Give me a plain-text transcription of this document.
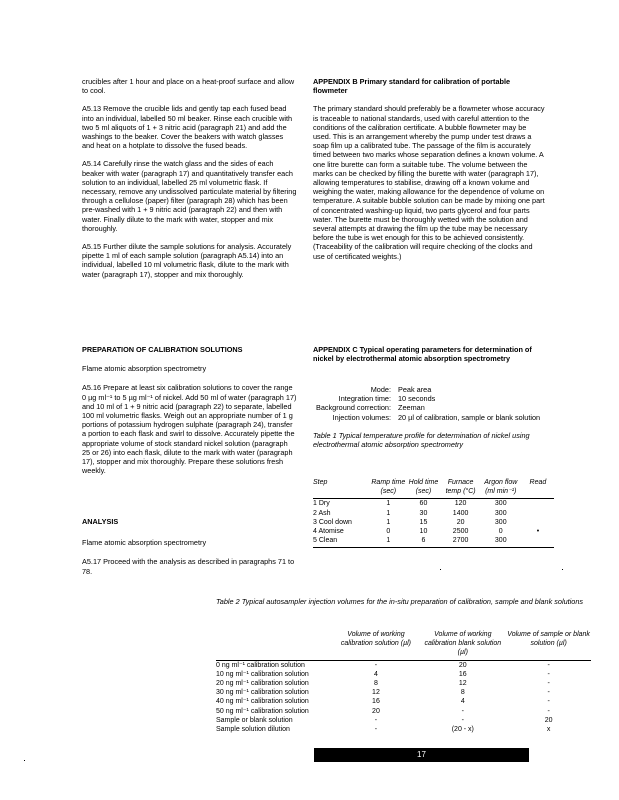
crucibles after 1 hour and place on a heat-proof surface and allow to cool.

A5.13 Remove the crucible lids and gently tap each fused bead into an individual, labelled 50 ml beaker. Rinse each crucible with two 5 ml aliquots of 1 + 3 nitric acid (paragraph 21) and add the washings to the beaker. Cover the beakers with watch glasses and heat on a hotplate to dissolve the fused beads.

A5.14 Carefully rinse the watch glass and the sides of each beaker with water (paragraph 17) and quantitatively transfer each solution to an individual, labelled 25 ml volumetric flask. If necessary, remove any undissolved particulate material by filtering through a cellulose (paper) filter (paragraph 28) which has been pre-washed with 1 + 9 nitric acid (paragraph 22) and then with water. Finally dilute to the mark with water, stopper and mix thoroughly.

A5.15 Further dilute the sample solutions for analysis. Accurately pipette 1 ml of each sample solution (paragraph A5.14) into an individual, labelled 10 ml volumetric flask, dilute to the mark with water (paragraph 17), stopper and mix thoroughly.

PREPARATION OF CALIBRATION SOLUTIONS
Flame atomic absorption spectrometry

A5.16 Prepare at least six calibration solutions to cover the range 0 µg ml⁻¹ to 5 µg ml⁻¹ of nickel. Add 50 ml of water (paragraph 17) and 10 ml of 1 + 9 nitric acid (paragraph 22) to separate, labelled 100 ml volumetric flasks. Weigh out an appropriate number of 1 g portions of potassium hydrogen sulphate (paragraph 24), transfer a portion to each flask and swirl to dissolve. Accurately pipette the appropriate volume of stock standard nickel solution (paragraph 25 or 26) into each flask, dilute to the mark with water (paragraph 17), stopper and mix thoroughly. Prepare these solutions fresh weekly.

ANALYSIS
Flame atomic absorption spectrometry

A5.17 Proceed with the analysis as described in paragraphs 71 to 78.

APPENDIX B Primary standard for calibration of portable flowmeter

The primary standard should preferably be a flowmeter whose accuracy is traceable to national standards, used with careful attention to the conditions of the calibration certificate. A bubble flowmeter may be used. This is an arrangement whereby the pump under test draws a soap film up a calibrated tube. The passage of the film is accurately timed between two marks whose separation defines a known volume. A one litre burette can form a suitable tube. The volume between the marks can be checked by filling the burette with water (paragraph 17), allowing temperatures to stabilise, drawing off a known volume and weighing the water, making allowance for the dependence of volume on temperature. A suitable bubble solution can be made by mixing one part of concentrated washing-up liquid, two parts glycerol and four parts water. The burette must be thoroughly wetted with the solution and several attempts at drawing the film up the tube may be necessary before the tube is wet enough for this to be achieved consistently. (Traceability of the calibration will require checking of the clocks and use of certificated weights.)

APPENDIX C Typical operating parameters for determination of nickel by electrothermal atomic absorption spectrometry
Mode: Peak area
Integration time: 10 seconds
Background correction: Zeeman
Injection volumes: 20 µl of calibration, sample or blank solution
Table 1 Typical temperature profile for determination of nickel using electrothermal atomic absorption spectrometry
Step	Ramp time (sec)	Hold time (sec)	Furnace temp (°C)	Argon flow (ml min⁻¹)	Read
1 Dry	1	60	120	300	
2 Ash	1	30	1400	300	
3 Cool down	1	15	20	300	
4 Atomise	0	10	2500	0	•
5 Clean	1	6	2700	300	
Table 2 Typical autosampler injection volumes for the in-situ preparation of calibration, sample and blank solutions
	Volume of working calibration solution (µl)	Volume of working calibration blank solution (µl)	Volume of sample or blank solution (µl)
0 ng ml⁻¹ calibration solution	-	20	-
10 ng ml⁻¹ calibration solution	4	16	-
20 ng ml⁻¹ calibration solution	8	12	-
30 ng ml⁻¹ calibration solution	12	8	-
40 ng ml⁻¹ calibration solution	16	4	-
50 ng ml⁻¹ calibration solution	20	-	-
Sample or blank solution	-	-	20
Sample solution dilution	-	(20 - x)	x
17
